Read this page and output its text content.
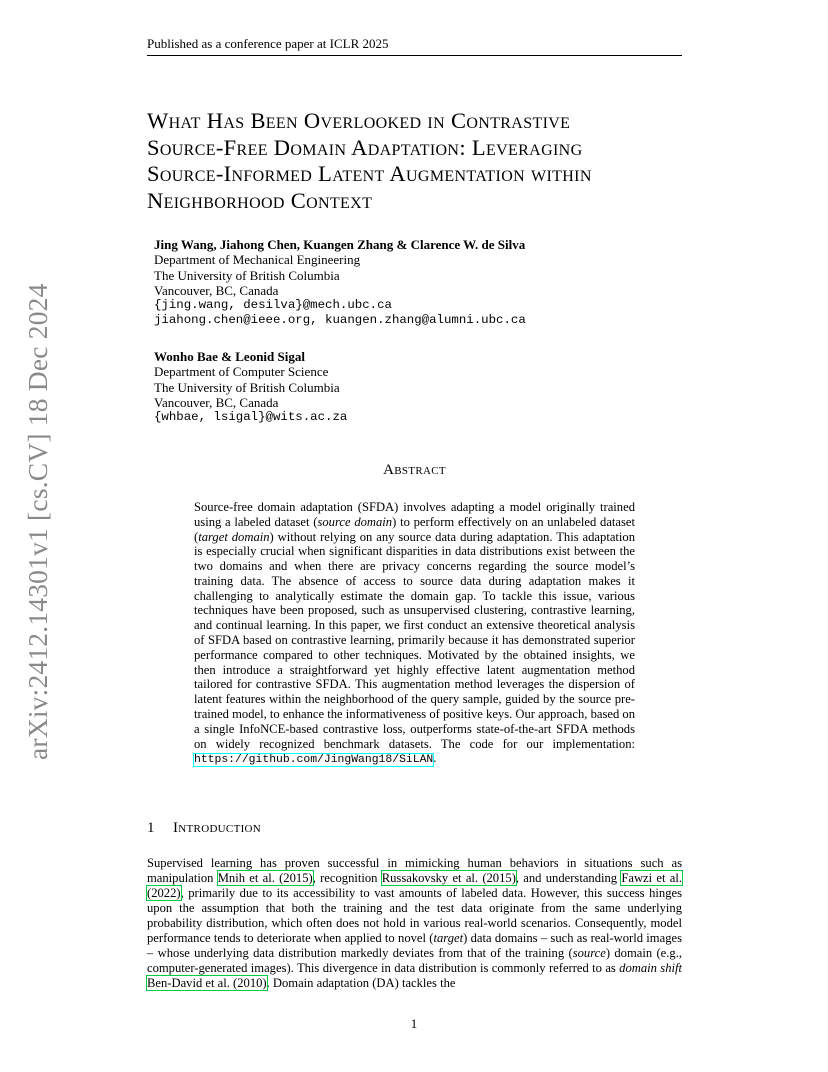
Published as a conference paper at ICLR 2025
arXiv:2412.14301v1 [cs.CV] 18 Dec 2024
What Has Been Overlooked in Contrastive
Source-Free Domain Adaptation: Leveraging
Source-Informed Latent Augmentation within
Neighborhood Context
Jing Wang, Jiahong Chen, Kuangen Zhang & Clarence W. de Silva
Department of Mechanical Engineering
The University of British Columbia
Vancouver, BC, Canada
{jing.wang, desilva}@mech.ubc.ca
jiahong.chen@ieee.org, kuangen.zhang@alumni.ubc.ca
Wonho Bae & Leonid Sigal
Department of Computer Science
The University of British Columbia
Vancouver, BC, Canada
{whbae, lsigal}@wits.ac.za
Abstract
Source-free domain adaptation (SFDA) involves adapting a model originally trained using a labeled dataset (source domain) to perform effectively on an unlabeled dataset (target domain) without relying on any source data during adaptation. This adaptation is especially crucial when significant disparities in data distributions exist between the two domains and when there are privacy concerns regarding the source model’s training data. The absence of access to source data during adaptation makes it challenging to analytically estimate the domain gap. To tackle this issue, various techniques have been proposed, such as unsupervised clustering, contrastive learning, and continual learning. In this paper, we first conduct an extensive theoretical analysis of SFDA based on contrastive learning, primarily because it has demonstrated superior performance compared to other techniques. Motivated by the obtained insights, we then introduce a straightforward yet highly effective latent augmentation method tailored for contrastive SFDA. This augmentation method leverages the dispersion of latent features within the neighborhood of the query sample, guided by the source pre-trained model, to enhance the informativeness of positive keys. Our approach, based on a single InfoNCE-based contrastive loss, outperforms state-of-the-art SFDA methods on widely recognized benchmark datasets. The code for our implementation: https://github.com/JingWang18/SiLAN.
1 Introduction
Supervised learning has proven successful in mimicking human behaviors in situations such as manipulation Mnih et al. (2015), recognition Russakovsky et al. (2015), and understanding Fawzi et al. (2022), primarily due to its accessibility to vast amounts of labeled data. However, this success hinges upon the assumption that both the training and the test data originate from the same underlying probability distribution, which often does not hold in various real-world scenarios. Consequently, model performance tends to deteriorate when applied to novel (target) data domains – such as real-world images – whose underlying data distribution markedly deviates from that of the training (source) domain (e.g., computer-generated images). This divergence in data distribution is commonly referred to as domain shift Ben-David et al. (2010). Domain adaptation (DA) tackles the
1
